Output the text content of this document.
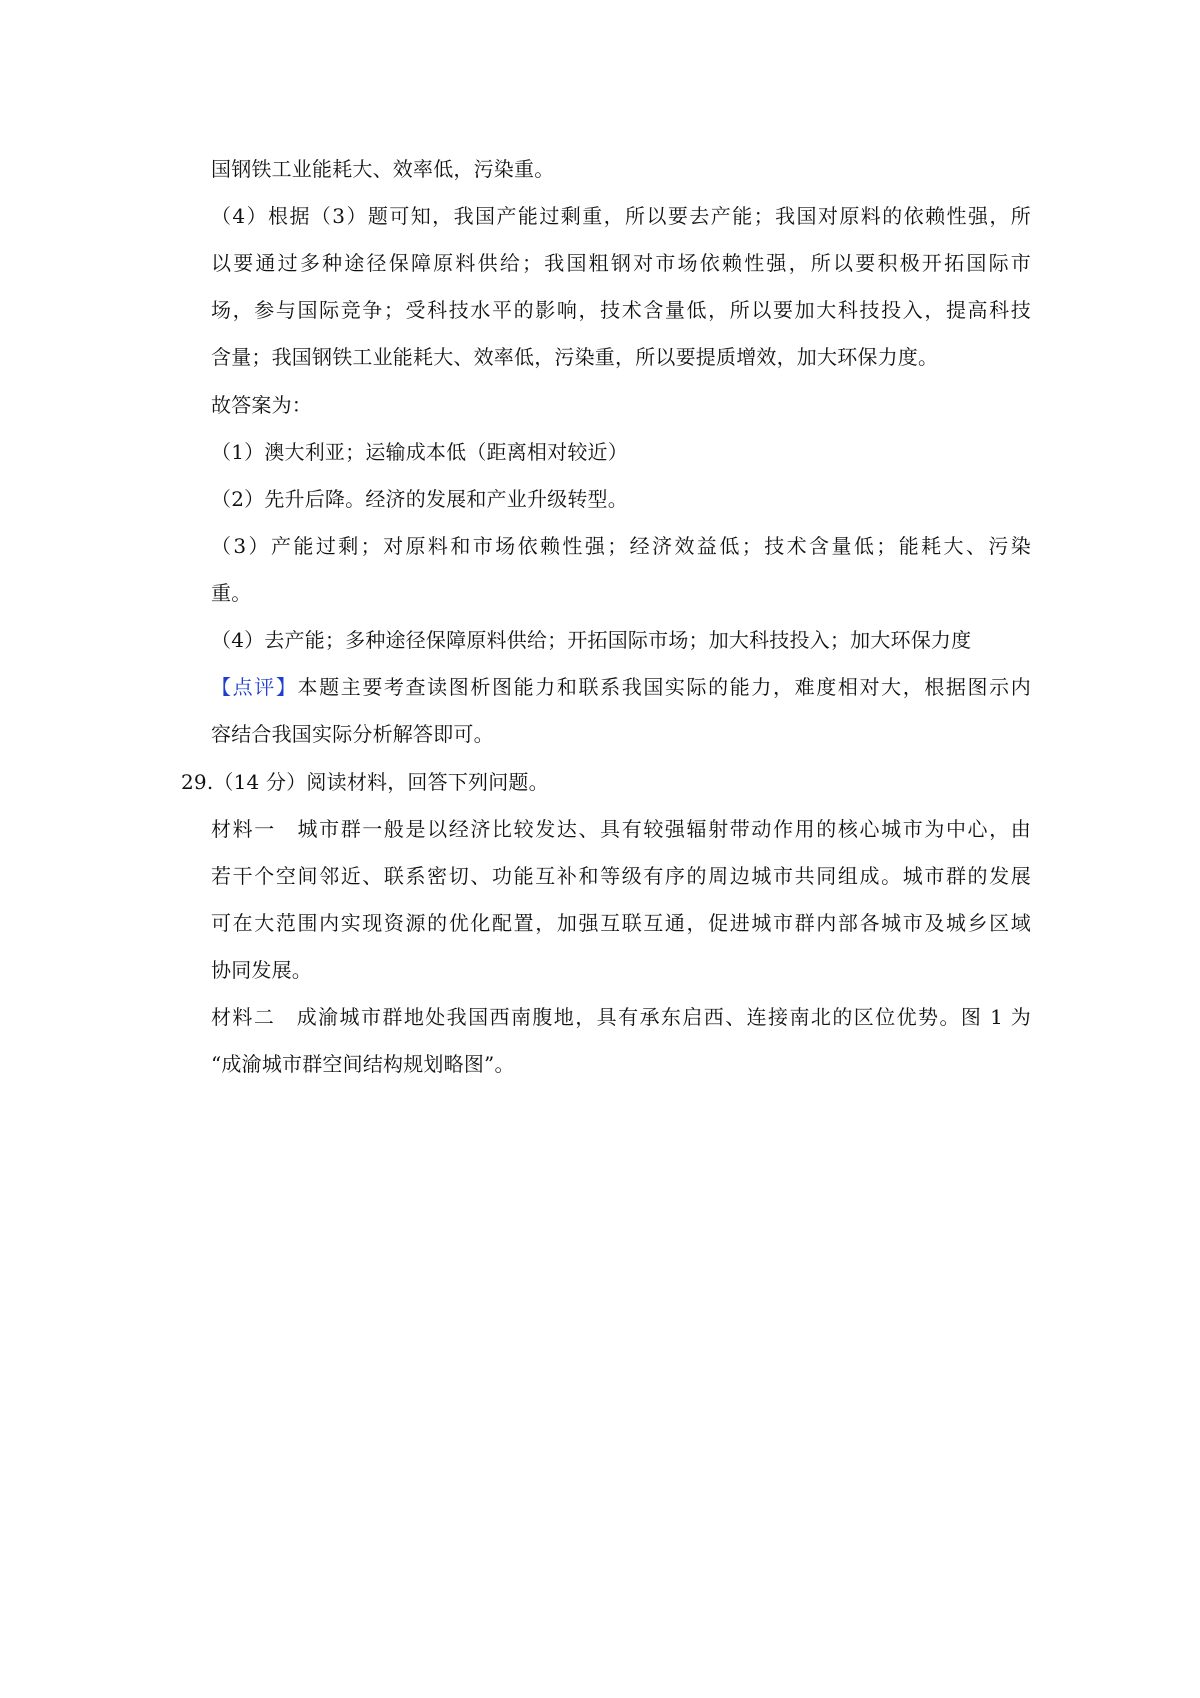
国钢铁工业能耗大、效率低，污染重。
（4）根据（3）题可知，我国产能过剩重，所以要去产能；我国对原料的依赖性强，所
以要通过多种途径保障原料供给；我国粗钢对市场依赖性强，所以要积极开拓国际市
场，参与国际竞争；受科技水平的影响，技术含量低，所以要加大科技投入，提高科技
含量；我国钢铁工业能耗大、效率低，污染重，所以要提质增效，加大环保力度。
故答案为：
（1）澳大利亚；运输成本低（距离相对较近）
（2）先升后降。经济的发展和产业升级转型。
（3）产能过剩；对原料和市场依赖性强；经济效益低；技术含量低；能耗大、污染
重。
（4）去产能；多种途径保障原料供给；开拓国际市场；加大科技投入；加大环保力度
【点评】本题主要考查读图析图能力和联系我国实际的能力，难度相对大，根据图示内
容结合我国实际分析解答即可。
29.（14 分）阅读材料，回答下列问题。
材料一　城市群一般是以经济比较发达、具有较强辐射带动作用的核心城市为中心，由
若干个空间邻近、联系密切、功能互补和等级有序的周边城市共同组成。城市群的发展
可在大范围内实现资源的优化配置，加强互联互通，促进城市群内部各城市及城乡区域
协同发展。
材料二　成渝城市群地处我国西南腹地，具有承东启西、连接南北的区位优势。图 1 为
“成渝城市群空间结构规划略图”。
